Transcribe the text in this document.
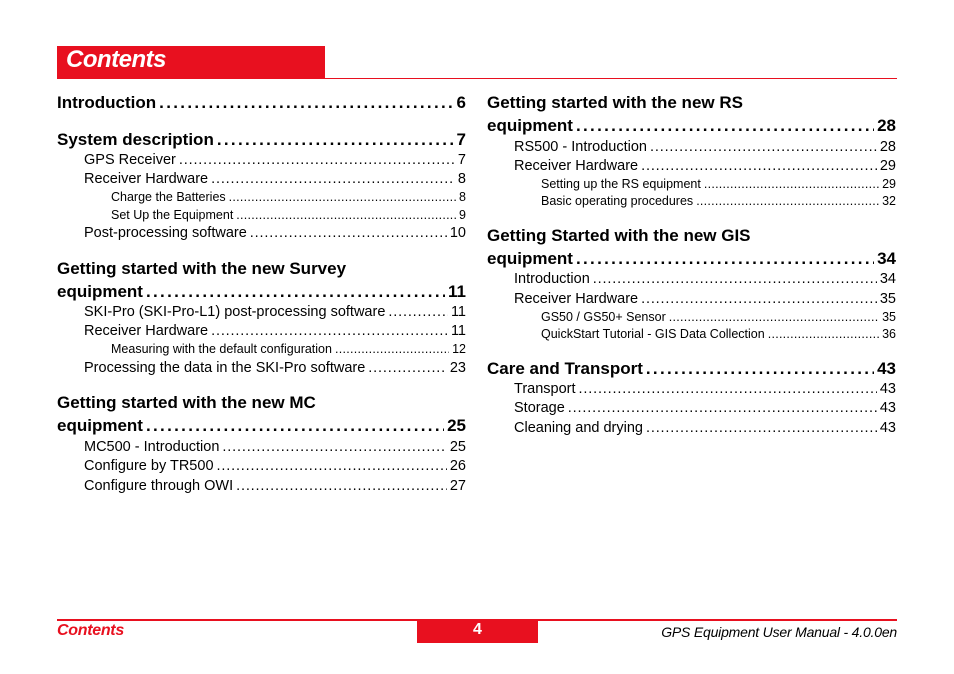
Contents
Introduction . . .	6
System description . . .	7
GPS Receiver . . .	7
Receiver Hardware . . .	8
Charge the Batteries . . .	8
Set Up the Equipment . . .	9
Post-processing software . . .	10
Getting started with the new Survey
equipment . . .	11
SKI-Pro (SKI-Pro-L1) post-processing software . . .	11
Receiver Hardware . . .	11
Measuring with the default configuration . . .	12
Processing the data in the SKI-Pro software . . .	23
Getting started with the new MC
equipment . . .	25
MC500 - Introduction . . .	25
Configure by TR500 . . .	26
Configure through OWI . . .	27
Getting started with the new RS
equipment . . .	28
RS500 - Introduction . . .	28
Receiver Hardware . . .	29
Setting up the RS equipment . . .	29
Basic operating procedures . . .	32
Getting Started with the new GIS
equipment . . .	34
Introduction . . .	34
Receiver Hardware . . .	35
GS50 / GS50+ Sensor . . .	35
QuickStart Tutorial - GIS Data Collection . . .	36
Care and Transport . . .	43
Transport . . .	43
Storage . . .	43
Cleaning and drying . . .	43
Contents	4	GPS Equipment User Manual - 4.0.0en
